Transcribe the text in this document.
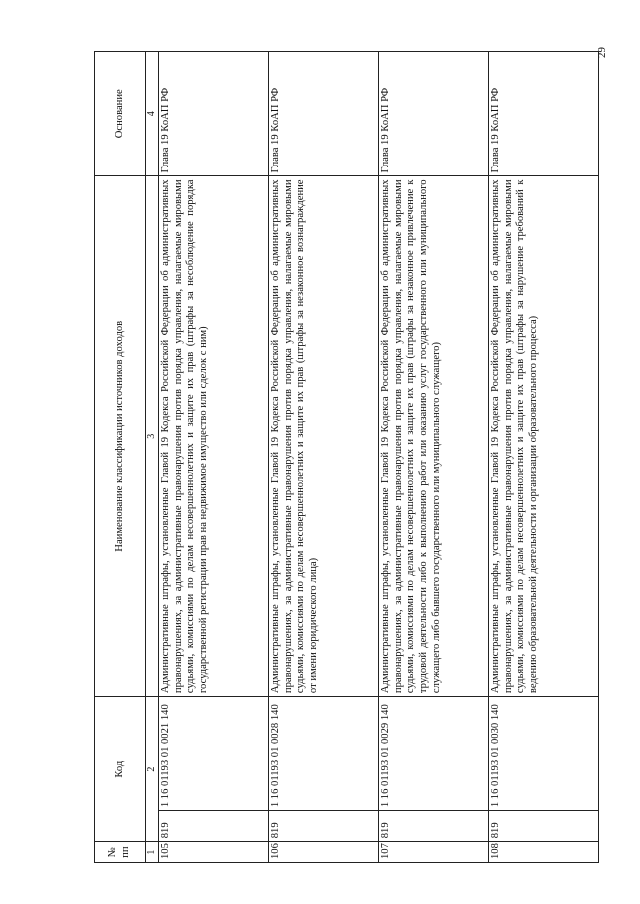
29
№ пп	Код		Наименование классификации источников доходов	Основание
1	2		3	4
105	819	1 16 01193 01 0021 140	Административные штрафы, установленные Главой 19 Кодекса Российской Федерации об административных правонарушениях, за административные правонарушения против порядка управления, налагаемые мировыми судьями, комиссиями по делам несовершеннолетних и защите их прав (штрафы за несоблюдение порядка государственной регистрации прав на недвижимое имущество или сделок с ним)	Глава 19 КоАП РФ
106	819	1 16 01193 01 0028 140	Административные штрафы, установленные Главой 19 Кодекса Российской Федерации об административных правонарушениях, за административные правонарушения против порядка управления, налагаемые мировыми судьями, комиссиями по делам несовершеннолетних и защите их прав (штрафы за незаконное вознаграждение от имени юридического лица)	Глава 19 КоАП РФ
107	819	1 16 01193 01 0029 140	Административные штрафы, установленные Главой 19 Кодекса Российской Федерации об административных правонарушениях, за административные правонарушения против порядка управления, налагаемые мировыми судьями, комиссиями по делам несовершеннолетних и защите их прав (штрафы за незаконное привлечение к трудовой деятельности либо к выполнению работ или оказанию услуг государственного или муниципального служащего либо бывшего государственного или муниципального служащего)	Глава 19 КоАП РФ
108	819	1 16 01193 01 0030 140	Административные штрафы, установленные Главой 19 Кодекса Российской Федерации об административных правонарушениях, за административные правонарушения против порядка управления, налагаемые мировыми судьями, комиссиями по делам несовершеннолетних и защите их прав (штрафы за нарушение требований к ведению образовательной деятельности и организации образовательного процесса)	Глава 19 КоАП РФ
